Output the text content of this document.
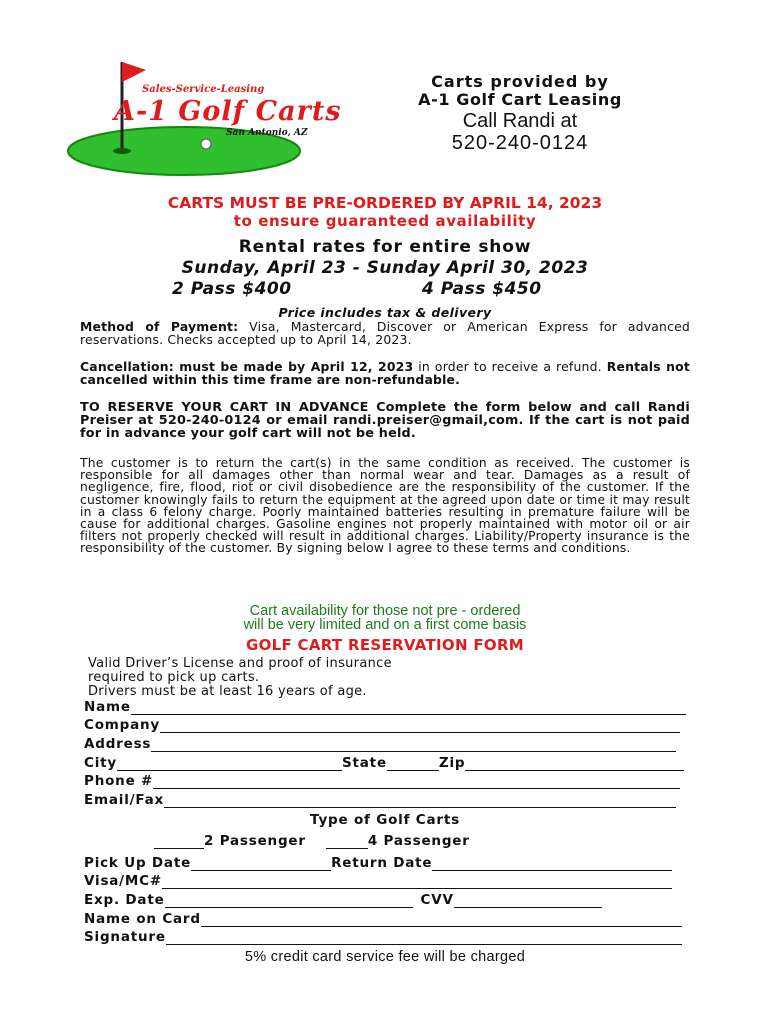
Sales-Service-Leasing
A-1 Golf Carts
San Antonio, AZ
Carts provided by
A-1 Golf Cart Leasing
Call Randi at
520-240-0124
CARTS MUST BE PRE-ORDERED BY APRIL 14, 2023
to ensure guaranteed availability
Rental rates for entire show
Sunday, April 23 - Sunday April 30, 2023
2 Pass $400	4 Pass $450
Price includes tax & delivery
Method of Payment: Visa, Mastercard, Discover or American Express for advanced reservations. Checks accepted up to April 14, 2023.
Cancellation: must be made by April 12, 2023 in order to receive a refund. Rentals not cancelled within this time frame are non-refundable.
TO RESERVE YOUR CART IN ADVANCE Complete the form below and call Randi Preiser at 520-240-0124 or email randi.preiser@gmail,com. If the cart is not paid for in advance your golf cart will not be held.
The customer is to return the cart(s) in the same condition as received. The customer is responsible for all damages other than normal wear and tear. Damages as a result of negligence, fire, flood, riot or civil disobedience are the responsibility of the customer. If the customer knowingly fails to return the equipment at the agreed upon date or time it may result in a class 6 felony charge. Poorly maintained batteries resulting in premature failure will be cause for additional charges. Gasoline engines not properly maintained with motor oil or air filters not properly checked will result in additional charges. Liability/Property insurance is the responsibility of the customer. By signing below I agree to these terms and conditions.
Cart availability for those not pre - ordered
will be very limited and on a first come basis
GOLF CART RESERVATION FORM
Valid Driver’s License and proof of insurance
required to pick up carts.
Drivers must be at least 16 years of age.
Name
Company
Address
City	State	Zip
Phone #
Email/Fax
Type of Golf Carts
2 Passenger	4 Passenger
Pick Up Date	Return Date
Visa/MC#
Exp. Date	CVV
Name on Card
Signature
5% credit card service fee will be charged
